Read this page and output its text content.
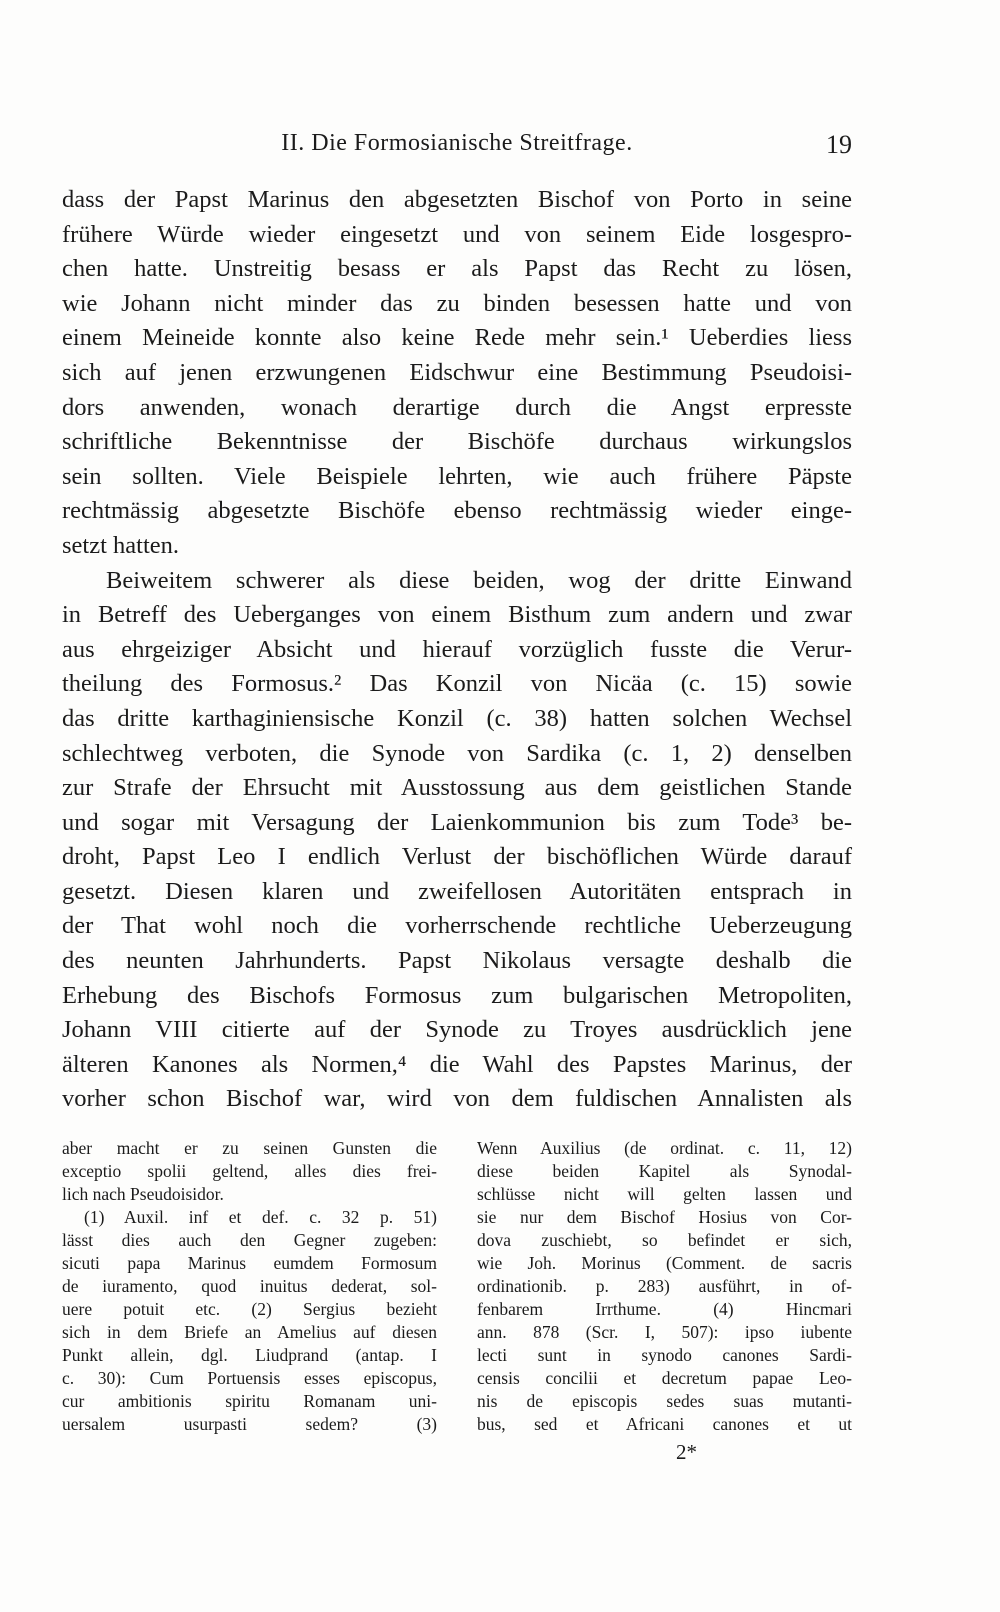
II. Die Formosianische Streitfrage.	19
dass der Papst Marinus den abgesetzten Bischof von Porto in seine
frühere Würde wieder eingesetzt und von seinem Eide losgespro-
chen hatte. Unstreitig besass er als Papst das Recht zu lösen,
wie Johann nicht minder das zu binden besessen hatte und von
einem Meineide konnte also keine Rede mehr sein.¹ Ueberdies liess
sich auf jenen erzwungenen Eidschwur eine Bestimmung Pseudoisi-
dors anwenden, wonach derartige durch die Angst erpresste
schriftliche Bekenntnisse der Bischöfe durchaus wirkungslos
sein sollten. Viele Beispiele lehrten, wie auch frühere Päpste
rechtmässig abgesetzte Bischöfe ebenso rechtmässig wieder einge-
setzt hatten.
Beiweitem schwerer als diese beiden, wog der dritte Einwand
in Betreff des Ueberganges von einem Bisthum zum andern und zwar
aus ehrgeiziger Absicht und hierauf vorzüglich fusste die Verur-
theilung des Formosus.² Das Konzil von Nicäa (c. 15) sowie
das dritte karthaginiensische Konzil (c. 38) hatten solchen Wechsel
schlechtweg verboten, die Synode von Sardika (c. 1, 2) denselben
zur Strafe der Ehrsucht mit Ausstossung aus dem geistlichen Stande
und sogar mit Versagung der Laienkommunion bis zum Tode³ be-
droht, Papst Leo I endlich Verlust der bischöflichen Würde darauf
gesetzt. Diesen klaren und zweifellosen Autoritäten entsprach in
der That wohl noch die vorherrschende rechtliche Ueberzeugung
des neunten Jahrhunderts. Papst Nikolaus versagte deshalb die
Erhebung des Bischofs Formosus zum bulgarischen Metropoliten,
Johann VIII citierte auf der Synode zu Troyes ausdrücklich jene
älteren Kanones als Normen,⁴ die Wahl des Papstes Marinus, der
vorher schon Bischof war, wird von dem fuldischen Annalisten als
aber macht er zu seinen Gunsten die
exceptio spolii geltend, alles dies frei-
lich nach Pseudoisidor.
(1) Auxil. inf et def. c. 32 p. 51)
lässt dies auch den Gegner zugeben:
sicuti papa Marinus eumdem Formosum
de iuramento, quod inuitus dederat, sol-
uere potuit etc. (2) Sergius bezieht
sich in dem Briefe an Amelius auf diesen
Punkt allein, dgl. Liudprand (antap. I
c. 30): Cum Portuensis esses episcopus,
cur ambitionis spiritu Romanam uni-
uersalem usurpasti sedem? (3)
Wenn Auxilius (de ordinat. c. 11, 12)
diese beiden Kapitel als Synodal-
schlüsse nicht will gelten lassen und
sie nur dem Bischof Hosius von Cor-
dova zuschiebt, so befindet er sich,
wie Joh. Morinus (Comment. de sacris
ordinationib. p. 283) ausführt, in of-
fenbarem Irrthume. (4) Hincmari
ann. 878 (Scr. I, 507): ipso iubente
lecti sunt in synodo canones Sardi-
censis concilii et decretum papae Leo-
nis de episcopis sedes suas mutanti-
bus, sed et Africani canones et ut
2*
